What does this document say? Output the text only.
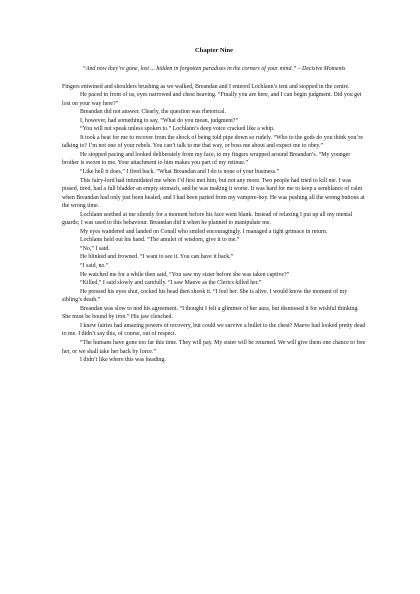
Chapter Nine
“And now they’re gone, lost ... hidden in forgotten paradises in the corners of your mind.” – Decisive Moments

Fingers entwined and shoulders brushing as we walked, Breandan and I entered Lochlann’s tent and stopped in the centre.

He paced in front of us, eyes narrowed and chest heaving. “Finally you are here, and I can begin judgment. Did you get lost on your way here?”

Breandan did not answer. Clearly, the question was rhetorical.

I, however, had something to say, “What do you mean, judgment?”

“You will not speak unless spoken to.” Lochlann’s deep voice cracked like a whip.

It took a beat for me to recover from the shock of being told pipe down so rudely. “Who to the gods do you think you’re talking to? I’m not one of your rebels. You can’t talk to me that way, or boss me about and expect me to obey.”

He stopped pacing and looked deliberately from my face, to my fingers wrapped around Breandan’s. “My younger brother is sworn to me. Your attachment to him makes you part of my retinue.”

“Like hell it does,” I fired back. “What Breandan and I do is none of your business.”

This fairy-lord had intimidated me when I’d first met him, but not any more. Two people had tried to kill me. I was pissed, tired, had a full bladder an empty stomach, and he was making it worse. It was hard for me to keep a semblance of calm when Breandan had only just been healed, and I had been parted from my vampire-boy. He was pushing all the wrong buttons at the wrong time.

Lochlann seethed at me silently for a moment before his face went blank. Instead of relaxing I put up all my mental guards; I was used to this behaviour. Breandan did it when he planned to manipulate me.

My eyes wandered and landed on Conall who smiled encouragingly. I managed a tight grimace in return.

Lochlann held out his hand. “The amulet of wisdom, give it to me.”

“No,” I said.

He blinked and frowned. “I want to see it. You can have it back.”

“I said, no.”

He watched me for a while then said, “You saw my sister before she was taken captive?”

“Killed,” I said slowly and carefully. “I saw Maeve as the Clerics killed her.”

He pressed his eyes shut, cocked his head then shook it. “I feel her. She is alive. I would know the moment of my sibling’s death.”

Breandan was slow to nod his agreement. “I thought I felt a glimmer of her aura, but dismissed it for wishful thinking. She must be bound by iron.” His jaw clenched.

I knew fairies had amazing powers of recovery, but could we survive a bullet to the chest? Maeve had looked pretty dead to me. I didn’t say this, of course, out of respect.

“The humans have gone too far this time. They will pay. My sister will be returned. We will give them one chance to free her, or we shall take her back by force.”

I didn’t like where this was heading.
